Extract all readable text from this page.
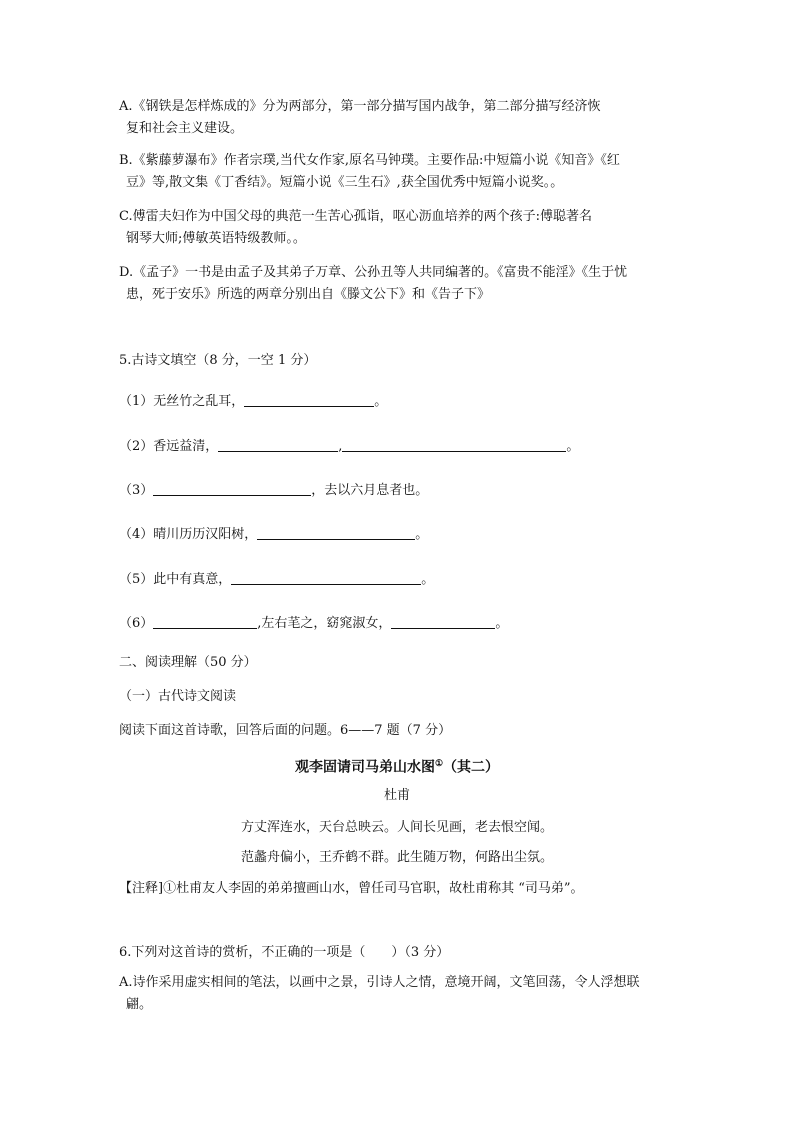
A.《钢铁是怎样炼成的》分为两部分，第一部分描写国内战争，第二部分描写经济恢
复和社会主义建设。
B.《紫藤萝瀑布》作者宗璞,当代女作家,原名马钟璞。主要作品:中短篇小说《知音》《红
豆》等,散文集《丁香结》。短篇小说《三生石》,获全国优秀中短篇小说奖。。
C.傅雷夫妇作为中国父母的典范一生苦心孤诣，呕心沥血培养的两个孩子:傅聪著名
钢琴大师;傅敏英语特级教师。。
D.《孟子》一书是由孟子及其弟子万章、公孙丑等人共同编著的。《富贵不能淫》《生于忧
患，死于安乐》所选的两章分别出自《滕文公下》和《告子下》
5.古诗文填空（8 分，一空 1 分）
（1）无丝竹之乱耳，	。
（2）香远益清，	,	。
（3）	，去以六月息者也。
（4）晴川历历汉阳树，	。
（5）此中有真意，	。
（6）	,左右芼之，窈窕淑女，	。
二、阅读理解（50 分）
（一）古代诗文阅读
阅读下面这首诗歌，回答后面的问题。6——7 题（7 分）
观李固请司马弟山水图①（其二）
杜甫
方丈浑连水，天台总映云。人间长见画，老去恨空闻。
范蠡舟偏小，王乔鹤不群。此生随万物，何路出尘氛。
【注释]①杜甫友人李固的弟弟擅画山水，曾任司马官职，故杜甫称其 “司马弟”。
6.下列对这首诗的赏析，不正确的一项是（　　）（3 分）
A.诗作采用虚实相间的笔法，以画中之景，引诗人之情，意境开阔，文笔回荡，令人浮想联
翩。
